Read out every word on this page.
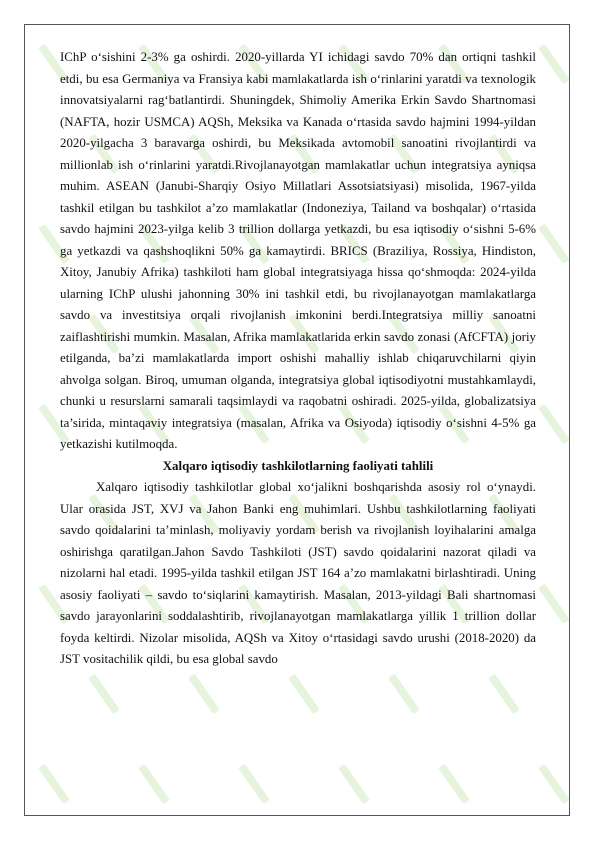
IChP o‘sishini 2-3% ga oshirdi. 2020-yillarda YI ichidagi savdo 70% dan ortiqni tashkil etdi, bu esa Germaniya va Fransiya kabi mamlakatlarda ish o‘rinlarini yaratdi va texnologik innovatsiyalarni rag‘batlantirdi. Shuningdek, Shimoliy Amerika Erkin Savdo Shartnomasi (NAFTA, hozir USMCA) AQSh, Meksika va Kanada o‘rtasida savdo hajmini 1994-yildan 2020-yilgacha 3 baravarga oshirdi, bu Meksikada avtomobil sanoatini rivojlantirdi va millionlab ish o‘rinlarini yaratdi.Rivojlanayotgan mamlakatlar uchun integratsiya ayniqsa muhim. ASEAN (Janubi-Sharqiy Osiyo Millatlari Assotsiatsiyasi) misolida, 1967-yilda tashkil etilgan bu tashkilot a’zo mamlakatlar (Indoneziya, Tailand va boshqalar) o‘rtasida savdo hajmini 2023-yilga kelib 3 trillion dollarga yetkazdi, bu esa iqtisodiy o‘sishni 5-6% ga yetkazdi va qashshoqlikni 50% ga kamaytirdi. BRICS (Braziliya, Rossiya, Hindiston, Xitoy, Janubiy Afrika) tashkiloti ham global integratsiyaga hissa qo‘shmoqda: 2024-yilda ularning IChP ulushi jahonning 30% ini tashkil etdi, bu rivojlanayotgan mamlakatlarga savdo va investitsiya orqali rivojlanish imkonini berdi.Integratsiya milliy sanoatni zaiflashtirishi mumkin. Masalan, Afrika mamlakatlarida erkin savdo zonasi (AfCFTA) joriy etilganda, ba’zi mamlakatlarda import oshishi mahalliy ishlab chiqaruvchilarni qiyin ahvolga solgan. Biroq, umuman olganda, integratsiya global iqtisodiyotni mustahkamlaydi, chunki u resurslarni samarali taqsimlaydi va raqobatni oshiradi. 2025-yilda, globalizatsiya ta’sirida, mintaqaviy integratsiya (masalan, Afrika va Osiyoda) iqtisodiy o‘sishni 4-5% ga yetkazishi kutilmoqda.

Xalqaro iqtisodiy tashkilotlarning faoliyati tahlili

Xalqaro iqtisodiy tashkilotlar global xo‘jalikni boshqarishda asosiy rol o‘ynaydi. Ular orasida JST, XVJ va Jahon Banki eng muhimlari. Ushbu tashkilotlarning faoliyati savdo qoidalarini ta’minlash, moliyaviy yordam berish va rivojlanish loyihalarini amalga oshirishga qaratilgan.Jahon Savdo Tashkiloti (JST) savdo qoidalarini nazorat qiladi va nizolarni hal etadi. 1995-yilda tashkil etilgan JST 164 a’zo mamlakatni birlashtiradi. Uning asosiy faoliyati – savdo to‘siqlarini kamaytirish. Masalan, 2013-yildagi Bali shartnomasi savdo jarayonlarini soddalashtirib, rivojlanayotgan mamlakatlarga yillik 1 trillion dollar foyda keltirdi. Nizolar misolida, AQSh va Xitoy o‘rtasidagi savdo urushi (2018-2020) da JST vositachilik qildi, bu esa global savdo
